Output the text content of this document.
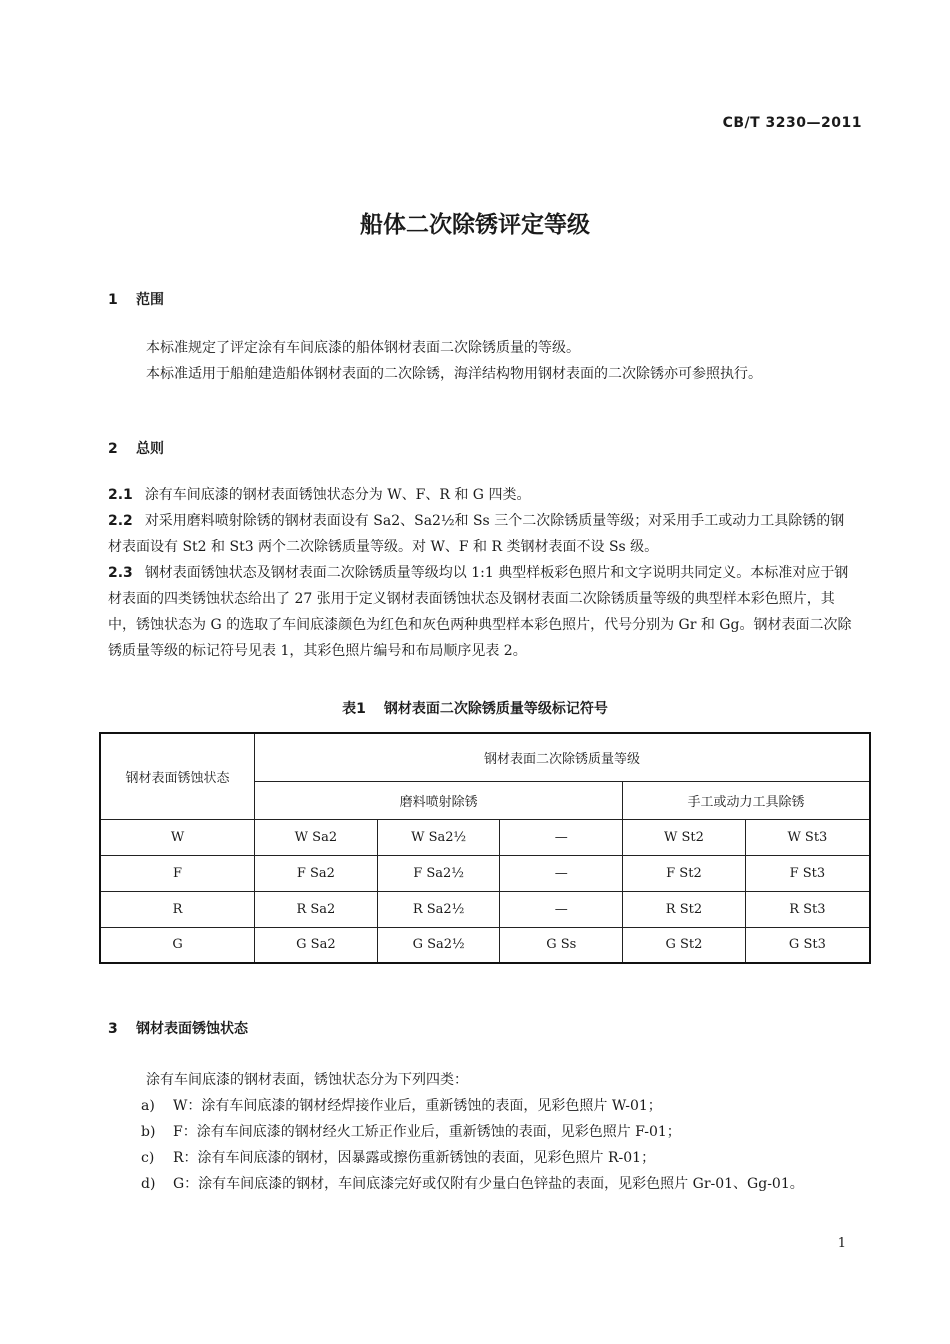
CB/T 3230—2011
船体二次除锈评定等级
1 范围
本标准规定了评定涂有车间底漆的船体钢材表面二次除锈质量的等级。
本标准适用于船舶建造船体钢材表面的二次除锈，海洋结构物用钢材表面的二次除锈亦可参照执行。
2 总则
2.1 涂有车间底漆的钢材表面锈蚀状态分为 W、F、R 和 G 四类。
2.2 对采用磨料喷射除锈的钢材表面设有 Sa2、Sa2½和 Ss 三个二次除锈质量等级；对采用手工或动力工具除锈的钢材表面设有 St2 和 St3 两个二次除锈质量等级。对 W、F 和 R 类钢材表面不设 Ss 级。
2.3 钢材表面锈蚀状态及钢材表面二次除锈质量等级均以 1:1 典型样板彩色照片和文字说明共同定义。本标准对应于钢材表面的四类锈蚀状态给出了 27 张用于定义钢材表面锈蚀状态及钢材表面二次除锈质量等级的典型样本彩色照片，其中，锈蚀状态为 G 的选取了车间底漆颜色为红色和灰色两种典型样本彩色照片，代号分别为 Gr 和 Gg。钢材表面二次除锈质量等级的标记符号见表 1，其彩色照片编号和布局顺序见表 2。
表1 钢材表面二次除锈质量等级标记符号
钢材表面锈蚀状态	钢材表面二次除锈质量等级				
	磨料喷射除锈			手工或动力工具除锈	
W	W Sa2	W Sa2½	—	W St2	W St3
F	F Sa2	F Sa2½	—	F St2	F St3
R	R Sa2	R Sa2½	—	R St2	R St3
G	G Sa2	G Sa2½	G Ss	G St2	G St3
3 钢材表面锈蚀状态
涂有车间底漆的钢材表面，锈蚀状态分为下列四类：
a) W：涂有车间底漆的钢材经焊接作业后，重新锈蚀的表面，见彩色照片 W-01；
b) F：涂有车间底漆的钢材经火工矫正作业后，重新锈蚀的表面，见彩色照片 F-01；
c) R：涂有车间底漆的钢材，因暴露或擦伤重新锈蚀的表面，见彩色照片 R-01；
d)	G：涂有车间底漆的钢材，车间底漆完好或仅附有少量白色锌盐的表面，见彩色照片 Gr-01、Gg-01。
1
